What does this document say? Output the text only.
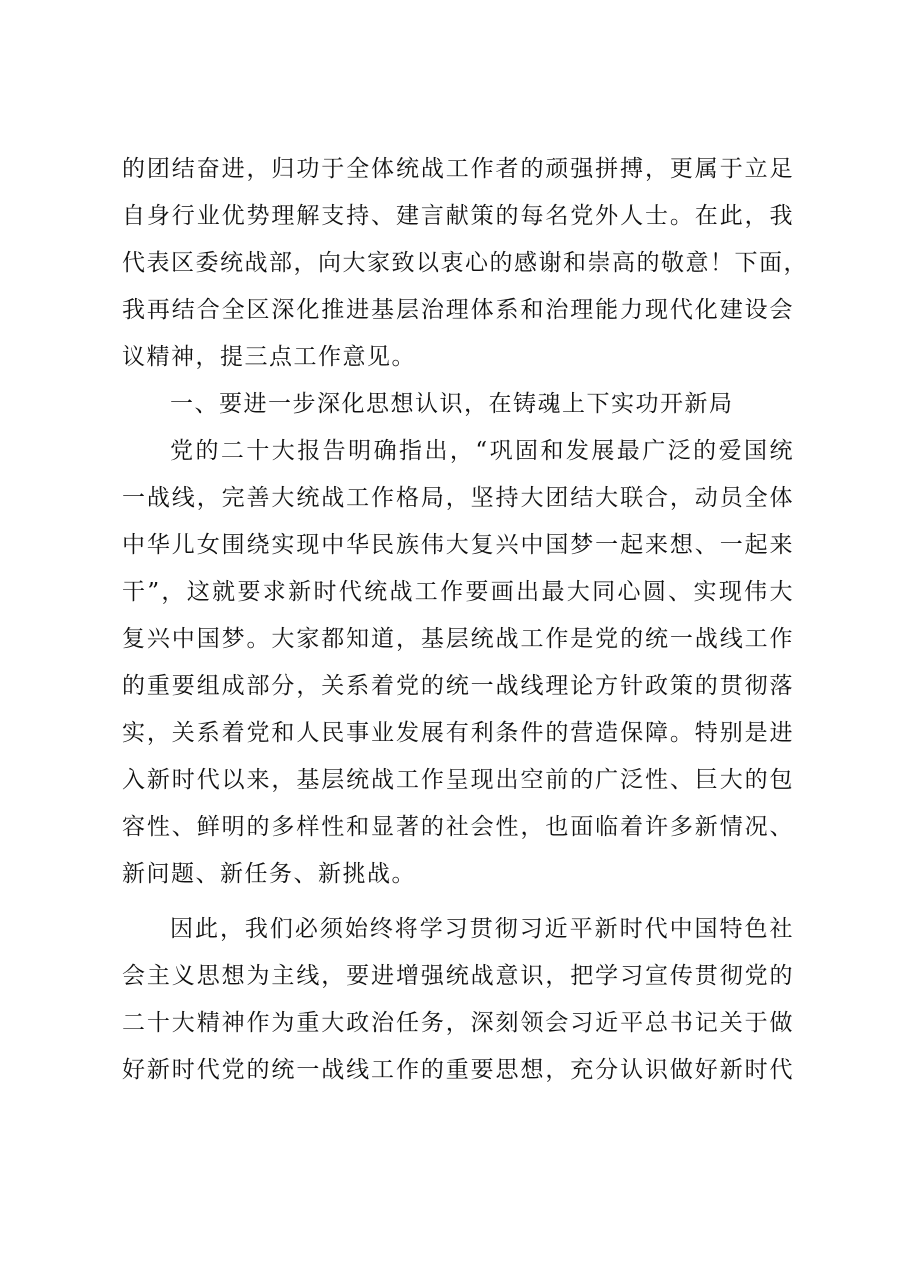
的团结奋进，归功于全体统战工作者的顽强拼搏，更属于立足
自身行业优势理解支持、建言献策的每名党外人士。在此，我
代表区委统战部，向大家致以衷心的感谢和崇高的敬意！下面，
我再结合全区深化推进基层治理体系和治理能力现代化建设会
议精神，提三点工作意见。
一、要进一步深化思想认识，在铸魂上下实功开新局
党的二十大报告明确指出，“巩固和发展最广泛的爱国统
一战线，完善大统战工作格局，坚持大团结大联合，动员全体
中华儿女围绕实现中华民族伟大复兴中国梦一起来想、一起来
干”，这就要求新时代统战工作要画出最大同心圆、实现伟大
复兴中国梦。大家都知道，基层统战工作是党的统一战线工作
的重要组成部分，关系着党的统一战线理论方针政策的贯彻落
实，关系着党和人民事业发展有利条件的营造保障。特别是进
入新时代以来，基层统战工作呈现出空前的广泛性、巨大的包
容性、鲜明的多样性和显著的社会性，也面临着许多新情况、
新问题、新任务、新挑战。
因此，我们必须始终将学习贯彻习近平新时代中国特色社
会主义思想为主线，要进增强统战意识，把学习宣传贯彻党的
二十大精神作为重大政治任务，深刻领会习近平总书记关于做
好新时代党的统一战线工作的重要思想，充分认识做好新时代
